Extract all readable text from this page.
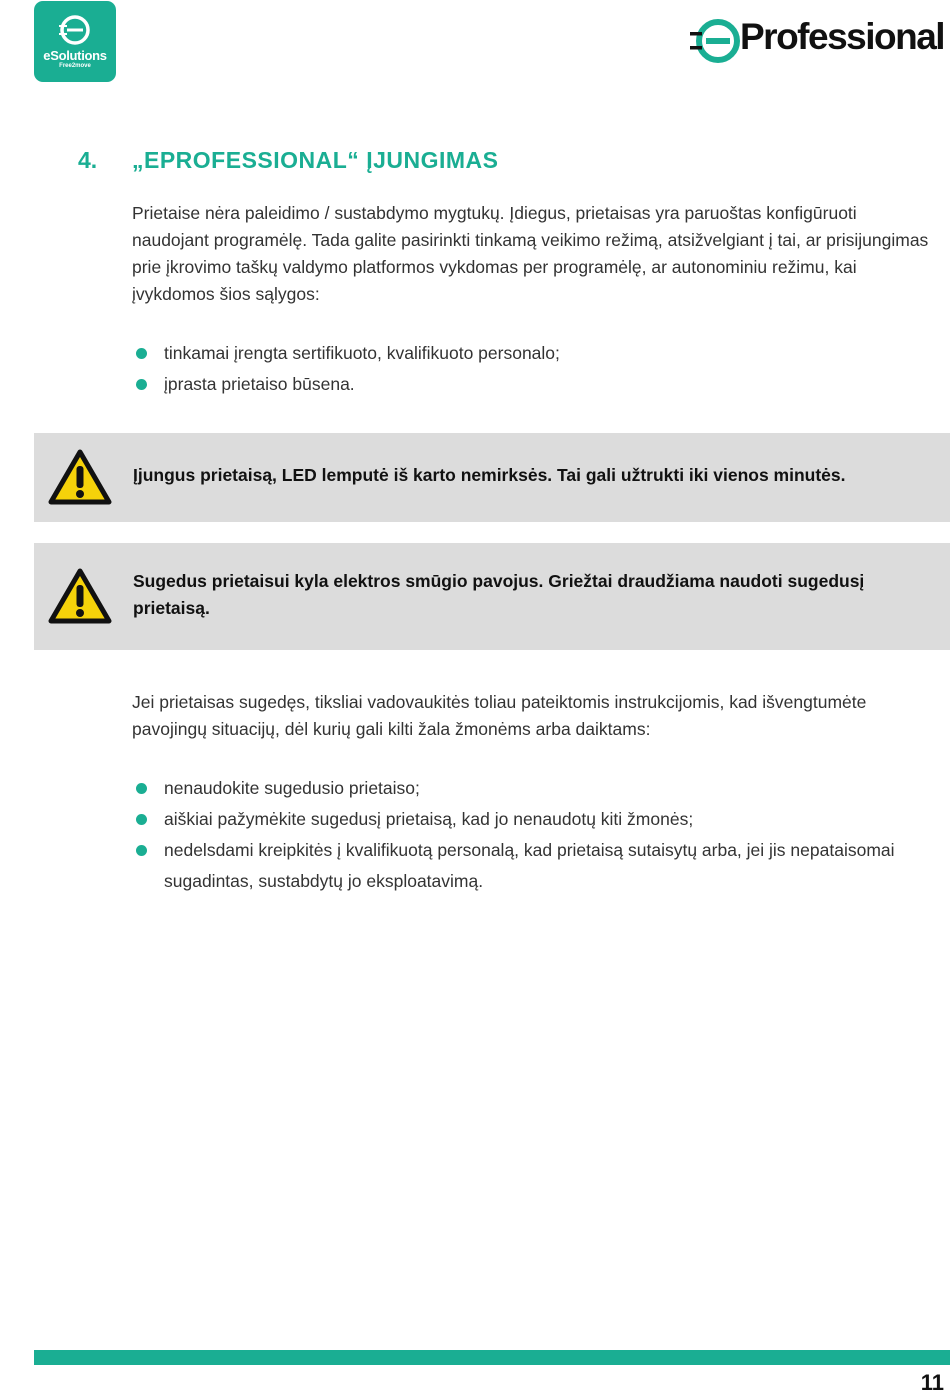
eSolutions
Free2move
Professional
4. „EPROFESSIONAL“ ĮJUNGIMAS

Prietaise nėra paleidimo / sustabdymo mygtukų. Įdiegus, prietaisas yra paruoštas konfigūruoti naudojant programėlę. Tada galite pasirinkti tinkamą veikimo režimą, atsižvelgiant į tai, ar prisijungimas prie įkrovimo taškų valdymo platformos vykdomas per programėlę, ar autonominiu režimu, kai įvykdomos šios sąlygos:

tinkamai įrengta sertifikuoto, kvalifikuoto personalo;
įprasta prietaiso būsena.
Įjungus prietaisą, LED lemputė iš karto nemirksės. Tai gali užtrukti iki vienos minutės.
Sugedus prietaisui kyla elektros smūgio pavojus. Griežtai draudžiama naudoti sugedusį prietaisą.

Jei prietaisas sugedęs, tiksliai vadovaukitės toliau pateiktomis instrukcijomis, kad išvengtumėte pavojingų situacijų, dėl kurių gali kilti žala žmonėms arba daiktams:

nenaudokite sugedusio prietaiso;
aiškiai pažymėkite sugedusį prietaisą, kad jo nenaudotų kiti žmonės;
nedelsdami kreipkitės į kvalifikuotą personalą, kad prietaisą sutaisytų arba, jei jis nepataisomai sugadintas, sustabdytų jo eksploatavimą.
11
